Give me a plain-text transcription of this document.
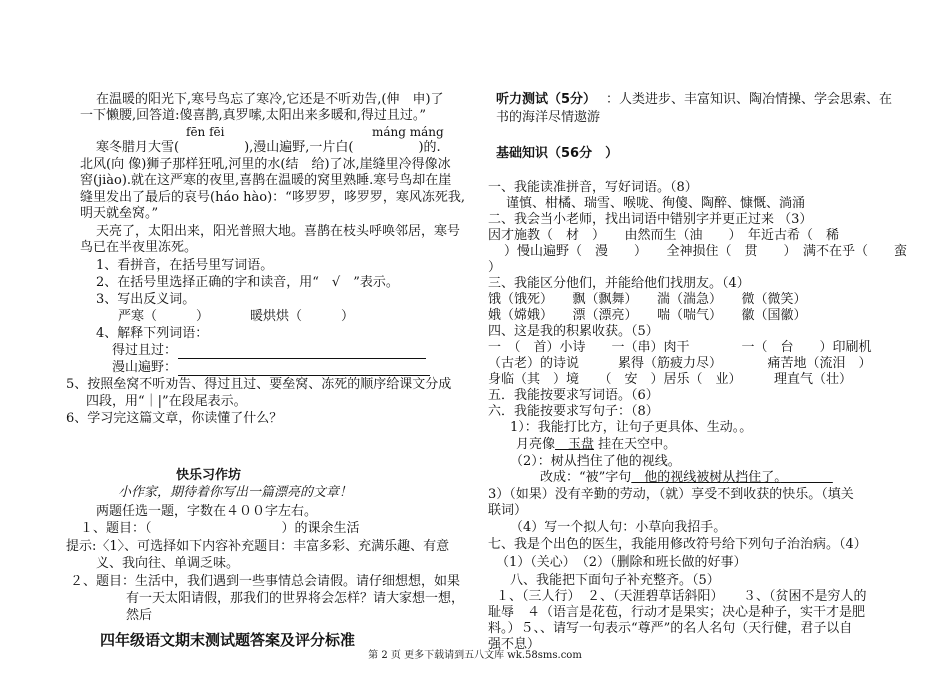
在温暖的阳光下,寒号鸟忘了寒冷,它还是不听劝告,(伸　申)了
一下懒腰,回答道:傻喜鹊,真罗嗦,太阳出来多暖和,得过且过。”
fēn fēi	máng máng
寒冬腊月大雪(　　　　　),漫山遍野,一片白(　　　　　)的.
北风(向 像)狮子那样狂吼,河里的水(结　给)了冰,崖缝里冷得像冰
窖(jiào).就在这严寒的夜里,喜鹊在温暖的窝里熟睡.寒号鸟却在崖
缝里发出了最后的哀号(háo hào)：“哆罗罗，哆罗罗，寒风冻死我,
明天就垒窝。”
天亮了，太阳出来，阳光普照大地。喜鹊在枝头呼唤邻居，寒号
鸟已在半夜里冻死。
1、看拼音，在括号里写词语。
2、在括号里选择正确的字和读音，用“　√　”表示。
3、写出反义词。
严寒（　　　）	暖烘烘（　　　）
4、解释下列词语：
得过且过：
漫山遍野：
5、按照垒窝不听劝告、得过且过、要垒窝、冻死的顺序给课文分成
四段，用“｜|”在段尾表示。
6、学习完这篇文章，你读懂了什么？
快乐习作坊
小作家，期待着你写出一篇漂亮的文章！
两题任选一题，字数在４００字左右。
１、题目：（　　　　　　　　　　）的课余生活
提示:〈1〉、可选择如下内容补充题目：丰富多彩、充满乐趣、有意
义、我向往、单调乏味。
２、题目：生活中，我们遇到一些事情总会请假。请仔细想想，如果
有一天太阳请假，那我们的世界将会怎样？请大家想一想，
然后
四年级语文期末测试题答案及评分标准
听力测试（5分） ：人类进步、丰富知识、陶冶情操、学会思索、在
书的海洋尽情遨游
基础知识（56分　）
一、我能读准拼音，写好词语。（8）
谨慎、柑橘、瑞雪、喉咙、徇傻、陶醉、慷慨、淌涌
二、我会当小老师，找出词语中错别字并更正过来 （3）
因才施教（　材　）　　由然而生（油　　）　年近古希（　稀
）慢山遍野（　漫　　）　　全神损住（　贯　　）　满不在乎（　　蛮
）
三、我能区分他们，并能给他们找朋友。（4）
饿（饿死）　　飘（飘舞）　　湍（湍急）　　微（微笑）
娥（嫦娥）　　漂（漂亮）　　喘（喘气）　　徽（国徽）
四、这是我的积累收获。（5）
一　（　首）小诗　　一（串）肉干　　　　一（　台　　）印刷机
（古老）的诗说　　　累得（筋疲力尽）　　　　痛苦地（流泪　）
身临（其　）境　　（　安　）居乐（　业）　　　理直气（壮）
五．我能按要求写词语。（6）
六．我能按要求写句子：（8）
1）：我能打比方，让句子更具体、生动。。
月亮像　玉盘 挂在天空中。
（2）：树从挡住了他的视线。
改成：“被”字句　他的视线被树从挡住了。　　　　
3）（如果）没有辛勤的劳动，（就）享受不到收获的快乐。（填关
联词）
（4）写一个拟人句：小草向我招手。
七、我是个出色的医生，我能用修改符号给下列句子治治病。（4）
（1）（关心）　（2）（删除和班长做的好事）
八、我能把下面句子补充整齐。（5）
１、（三人行）　２、（天涯碧草话斜阳）　　３、（贫困不是穷人的
耻辱　４（语言是花苞，行动才是果实；决心是种子，实干才是肥
料。）５、、请写一句表示“尊严”的名人名句（天行健，君子以自
强不息）
第 2 页 更多下载请到五八文库 wk.58sms.com
